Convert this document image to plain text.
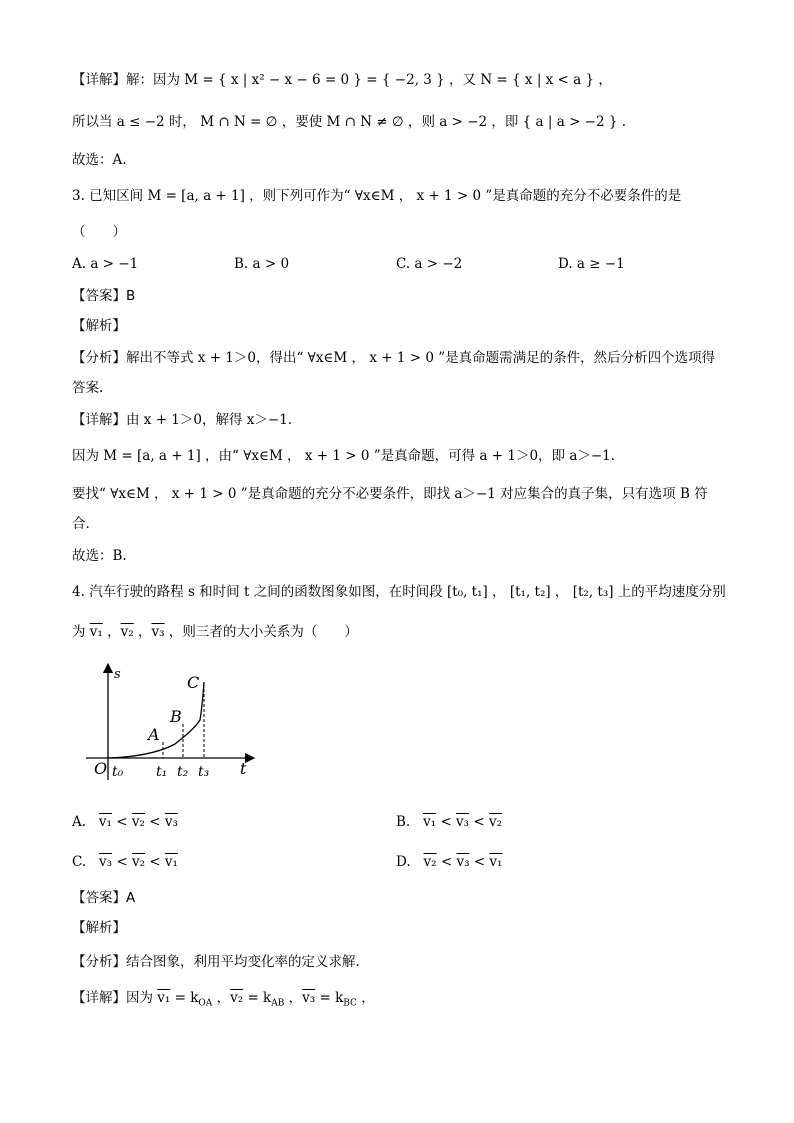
【详解】解：因为 M = { x | x² − x − 6 = 0 } = { −2, 3 } ，又 N = { x | x < a } ，
所以当 a ≤ −2 时， M ∩ N = ∅ ，要使 M ∩ N ≠ ∅ ，则 a > −2 ，即 { a | a > −2 } .
故选：A.
3. 已知区间 M = [a, a + 1] ，则下列可作为“ ∀x∈M ， x + 1 > 0 ”是真命题的充分不必要条件的是
（　　）
A. a > −1	B. a > 0	C. a > −2	D. a ≥ −1
【答案】B
【解析】
【分析】解出不等式 x + 1＞0，得出“ ∀x∈M ， x + 1 > 0 ”是真命题需满足的条件，然后分析四个选项得
答案.
【详解】由 x + 1＞0，解得 x＞−1.
因为 M = [a, a + 1] ，由“ ∀x∈M ， x + 1 > 0 ”是真命题，可得 a + 1＞0，即 a＞−1.
要找“ ∀x∈M ， x + 1 > 0 ”是真命题的充分不必要条件，即找 a＞−1 对应集合的真子集，只有选项 B 符
合.
故选：B.
4. 汽车行驶的路程 s 和时间 t 之间的函数图象如图，在时间段 [t₀, t₁] ， [t₁, t₂] ， [t₂, t₃] 上的平均速度分别
为 v₁ ，v₂ ，v₃ ，则三者的大小关系为（　　）
s
t
O t₀ t₁ t₂ t₃
A
B
C
A. v₁ < v₂ < v₃	B. v₁ < v₃ < v₂
C. v₃ < v₂ < v₁	D. v₂ < v₃ < v₁
【答案】A
【解析】
【分析】结合图象，利用平均变化率的定义求解.
【详解】因为 $v_1 = k_{OA}$ ，$v_2 = k_{AB}$ ，$v_3 = k_{BC}$ ，
